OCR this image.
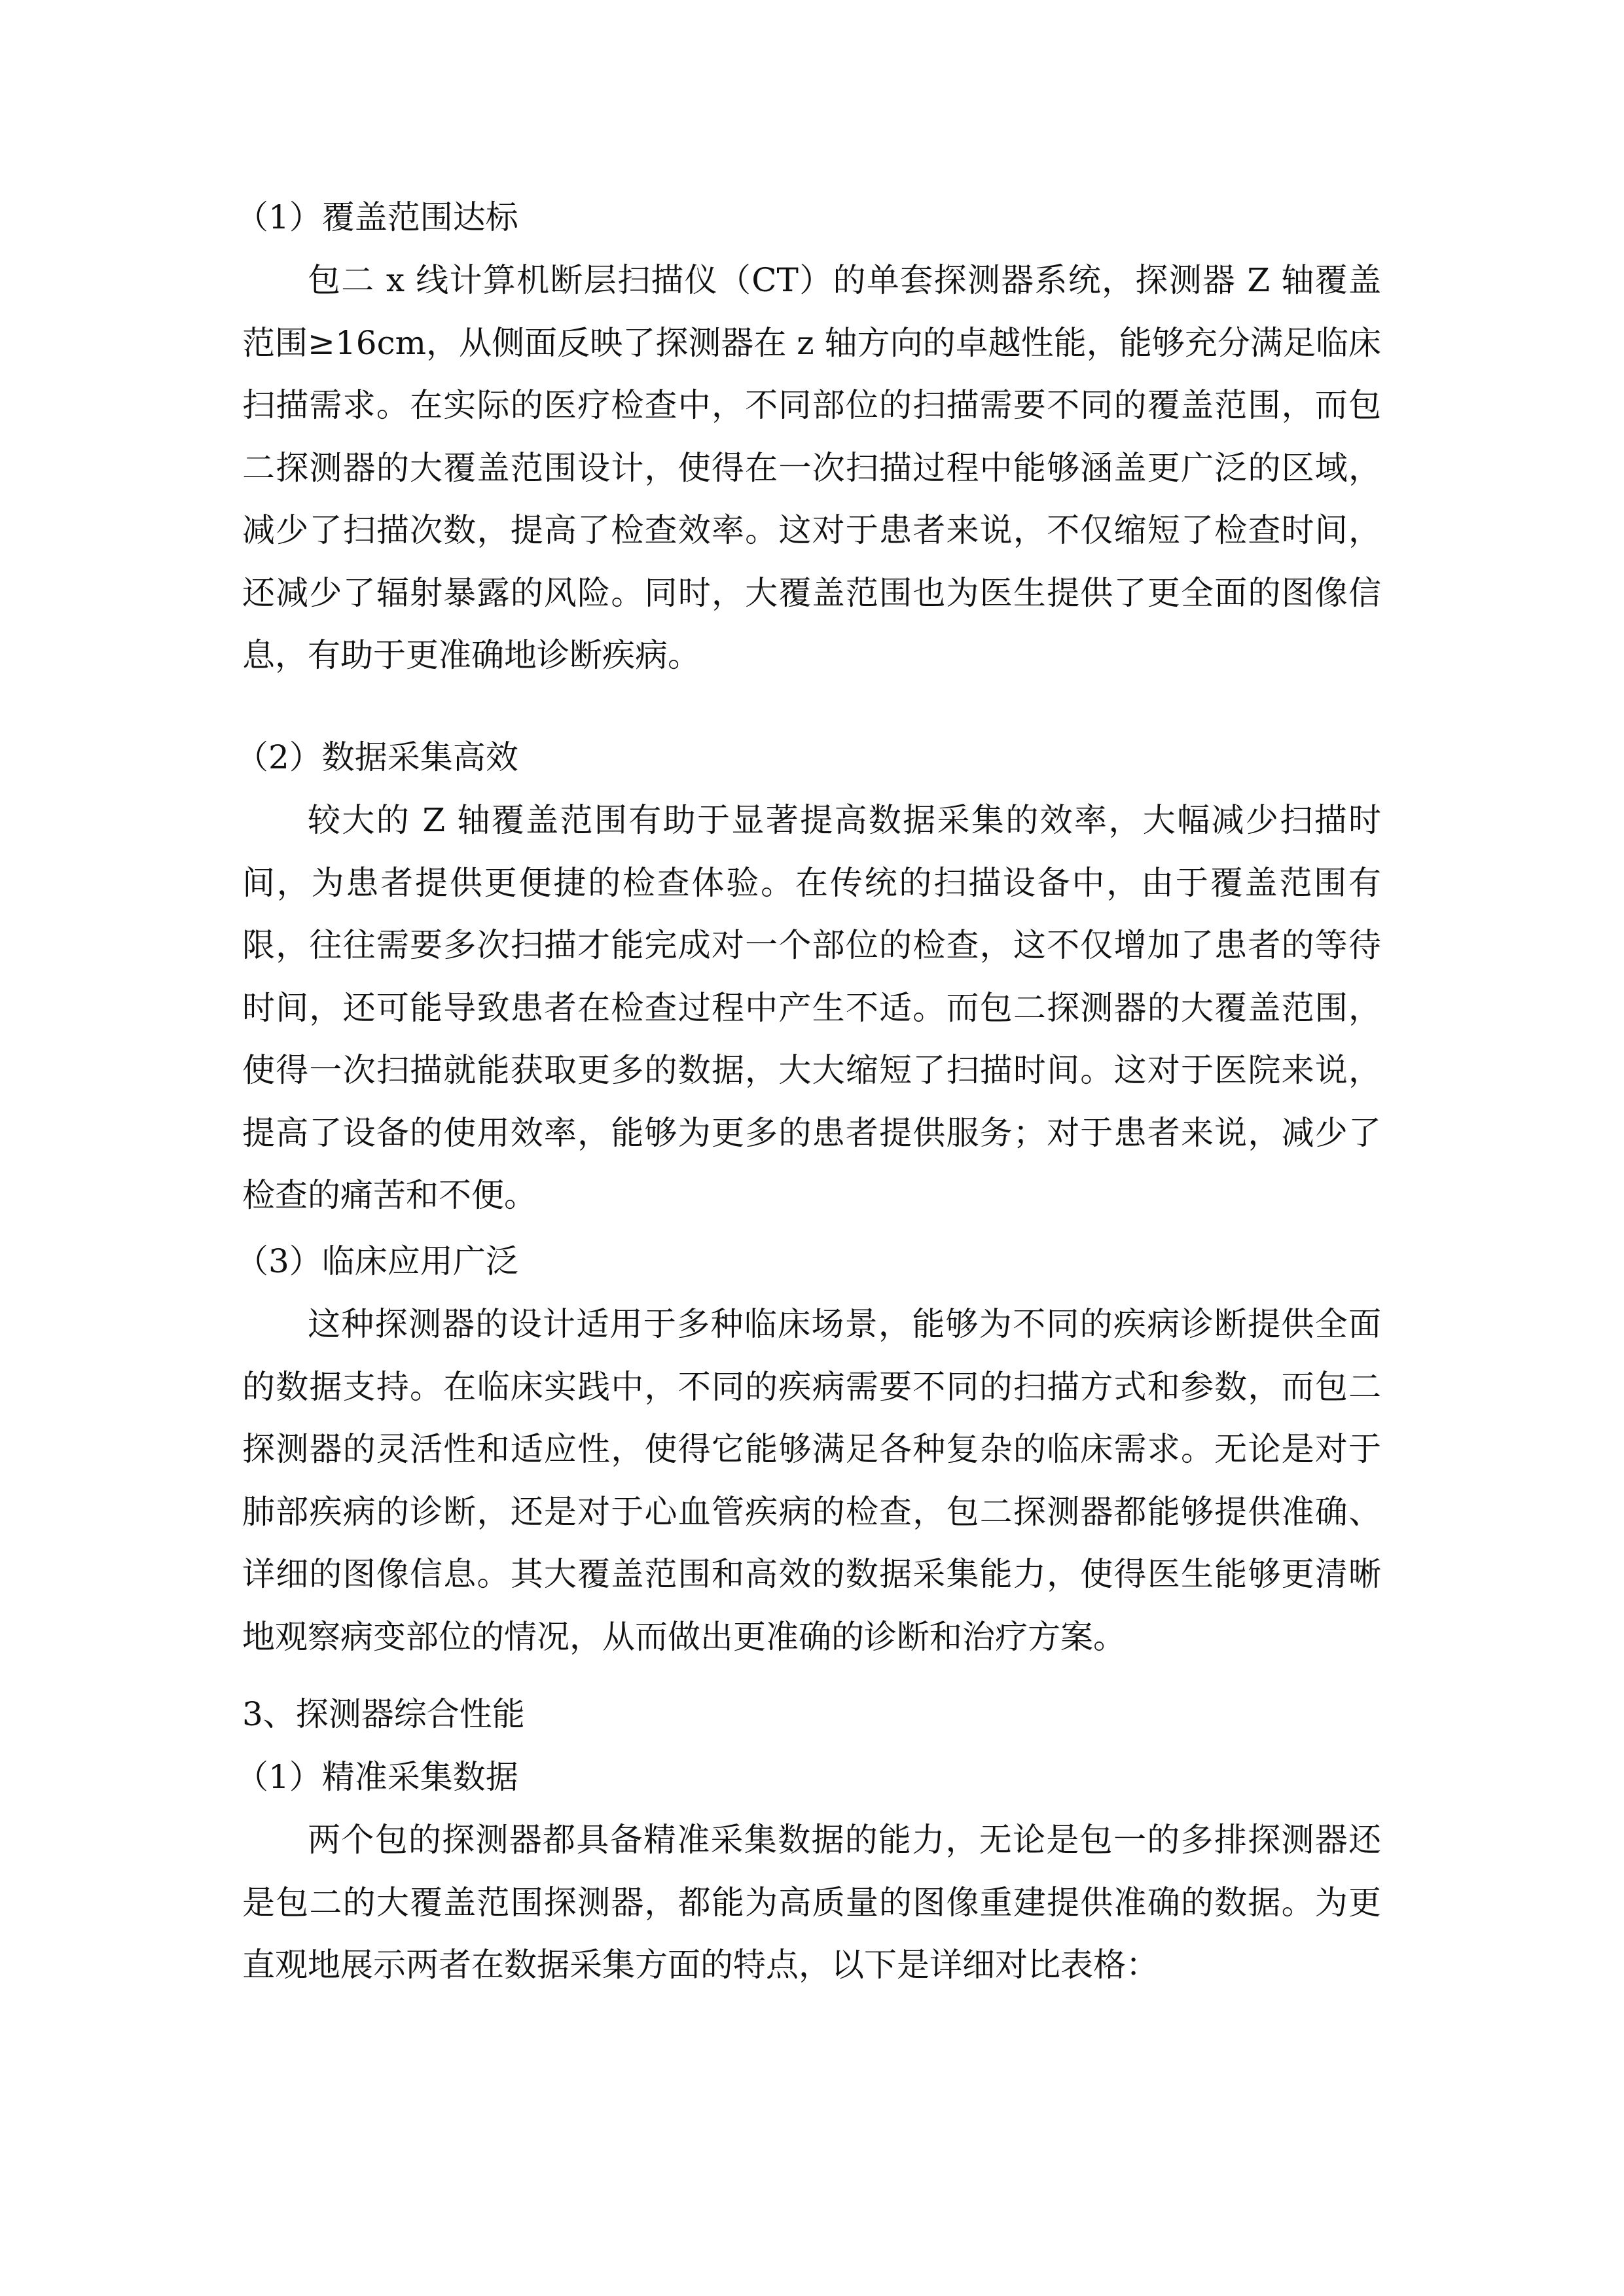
（1）覆盖范围达标
包二 x 线计算机断层扫描仪（CT）的单套探测器系统，探测器 Z 轴覆盖范围≥16cm，从侧面反映了探测器在 z 轴方向的卓越性能，能够充分满足临床扫描需求。在实际的医疗检查中，不同部位的扫描需要不同的覆盖范围，而包二探测器的大覆盖范围设计，使得在一次扫描过程中能够涵盖更广泛的区域，减少了扫描次数，提高了检查效率。这对于患者来说，不仅缩短了检查时间，还减少了辐射暴露的风险。同时，大覆盖范围也为医生提供了更全面的图像信息，有助于更准确地诊断疾病。
（2）数据采集高效
较大的 Z 轴覆盖范围有助于显著提高数据采集的效率，大幅减少扫描时间，为患者提供更便捷的检查体验。在传统的扫描设备中，由于覆盖范围有限，往往需要多次扫描才能完成对一个部位的检查，这不仅增加了患者的等待时间，还可能导致患者在检查过程中产生不适。而包二探测器的大覆盖范围，使得一次扫描就能获取更多的数据，大大缩短了扫描时间。这对于医院来说，提高了设备的使用效率，能够为更多的患者提供服务；对于患者来说，减少了检查的痛苦和不便。
（3）临床应用广泛
这种探测器的设计适用于多种临床场景，能够为不同的疾病诊断提供全面的数据支持。在临床实践中，不同的疾病需要不同的扫描方式和参数，而包二探测器的灵活性和适应性，使得它能够满足各种复杂的临床需求。无论是对于肺部疾病的诊断，还是对于心血管疾病的检查，包二探测器都能够提供准确、详细的图像信息。其大覆盖范围和高效的数据采集能力，使得医生能够更清晰地观察病变部位的情况，从而做出更准确的诊断和治疗方案。
3、探测器综合性能
（1）精准采集数据
两个包的探测器都具备精准采集数据的能力，无论是包一的多排探测器还是包二的大覆盖范围探测器，都能为高质量的图像重建提供准确的数据。为更直观地展示两者在数据采集方面的特点，以下是详细对比表格：
